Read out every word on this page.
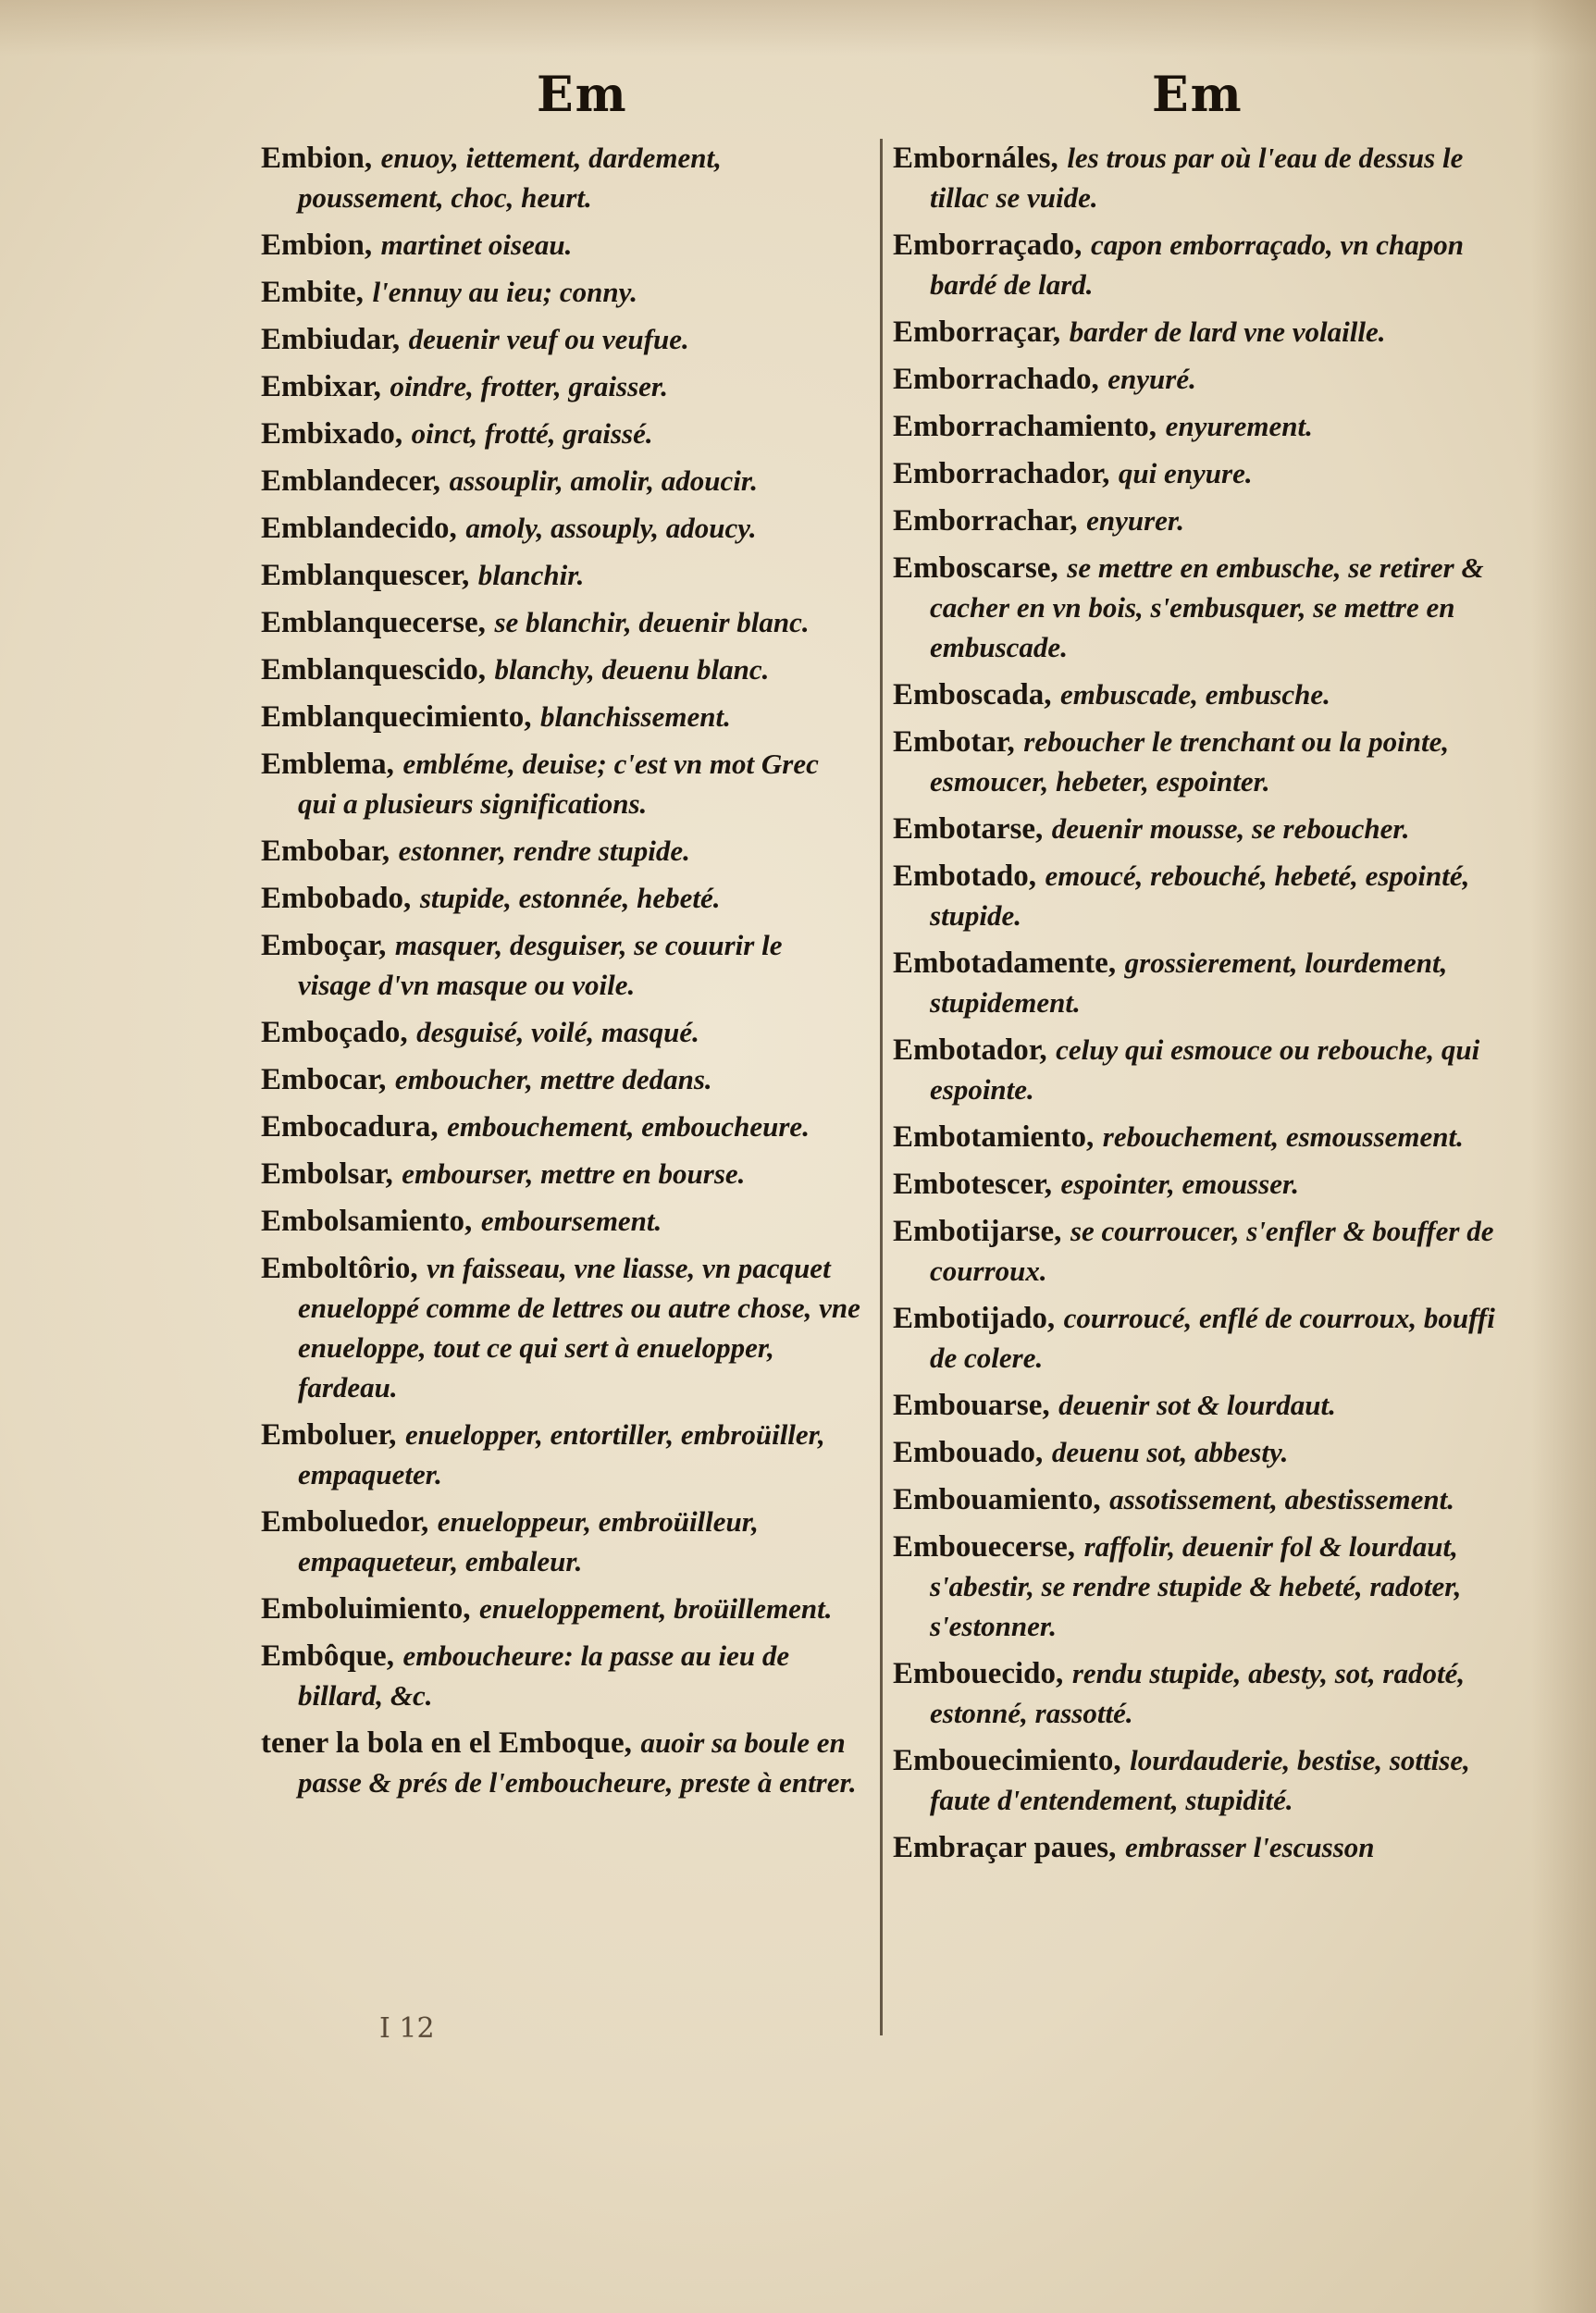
Em	Em
Embion, enuoy, iettement, dardement, poussement, choc, heurt.
Embion, martinet oiseau.
Embite, l'ennuy au ieu; conny.
Embiudar, deuenir veuf ou veufue.
Embixar, oindre, frotter, graisser.
Embixado, oinct, frotté, graissé.
Emblandecer, assouplir, amolir, adoucir.
Emblandecido, amoly, assouply, adoucy.
Emblanquescer, blanchir.
Emblanquecerse, se blanchir, deuenir blanc.
Emblanquescido, blanchy, deuenu blanc.
Emblanquecimiento, blanchissement.
Emblema, embléme, deuise; c'est vn mot Grec qui a plusieurs significations.
Embobar, estonner, rendre stupide.
Embobado, stupide, estonnée, hebeté.
Emboçar, masquer, desguiser, se couurir le visage d'vn masque ou voile.
Emboçado, desguisé, voilé, masqué.
Embocar, emboucher, mettre dedans.
Embocadura, embouchement, emboucheure.
Embolsar, embourser, mettre en bourse.
Embolsamiento, emboursement.
Emboltôrio, vn faisseau, vne liasse, vn pacquet enueloppé comme de lettres ou autre chose, vne enueloppe, tout ce qui sert à enuelopper, fardeau.
Emboluer, enuelopper, entortiller, embroüiller, empaqueter.
Emboluedor, enueloppeur, embroüilleur, empaqueteur, embaleur.
Emboluimiento, enueloppement, broüillement.
Embôque, emboucheure: la passe au ieu de billard, &c.
tener la bola en el Emboque, auoir sa boule en passe & prés de l'emboucheure, preste à entrer.
Embornáles, les trous par où l'eau de dessus le tillac se vuide.
Emborraçado, capon emborraçado, vn chapon bardé de lard.
Emborraçar, barder de lard vne volaille.
Emborrachado, enyuré.
Emborrachamiento, enyurement.
Emborrachador, qui enyure.
Emborrachar, enyurer.
Emboscarse, se mettre en embusche, se retirer & cacher en vn bois, s'embusquer, se mettre en embuscade.
Emboscada, embuscade, embusche.
Embotar, reboucher le trenchant ou la pointe, esmoucer, hebeter, espointer.
Embotarse, deuenir mousse, se reboucher.
Embotado, emoucé, rebouché, hebeté, espointé, stupide.
Embotadamente, grossierement, lourdement, stupidement.
Embotador, celuy qui esmouce ou rebouche, qui espointe.
Embotamiento, rebouchement, esmoussement.
Embotescer, espointer, emousser.
Embotijarse, se courroucer, s'enfler & bouffer de courroux.
Embotijado, courroucé, enflé de courroux, bouffi de colere.
Embouarse, deuenir sot & lourdaut.
Embouado, deuenu sot, abbesty.
Embouamiento, assotissement, abestissement.
Embouecerse, raffolir, deuenir fol & lourdaut, s'abestir, se rendre stupide & hebeté, radoter, s'estonner.
Embouecido, rendu stupide, abesty, sot, radoté, estonné, rassotté.
Embouecimiento, lourdauderie, bestise, sottise, faute d'entendement, stupidité.
Embraçar paues, embrasser l'escusson
I 12
